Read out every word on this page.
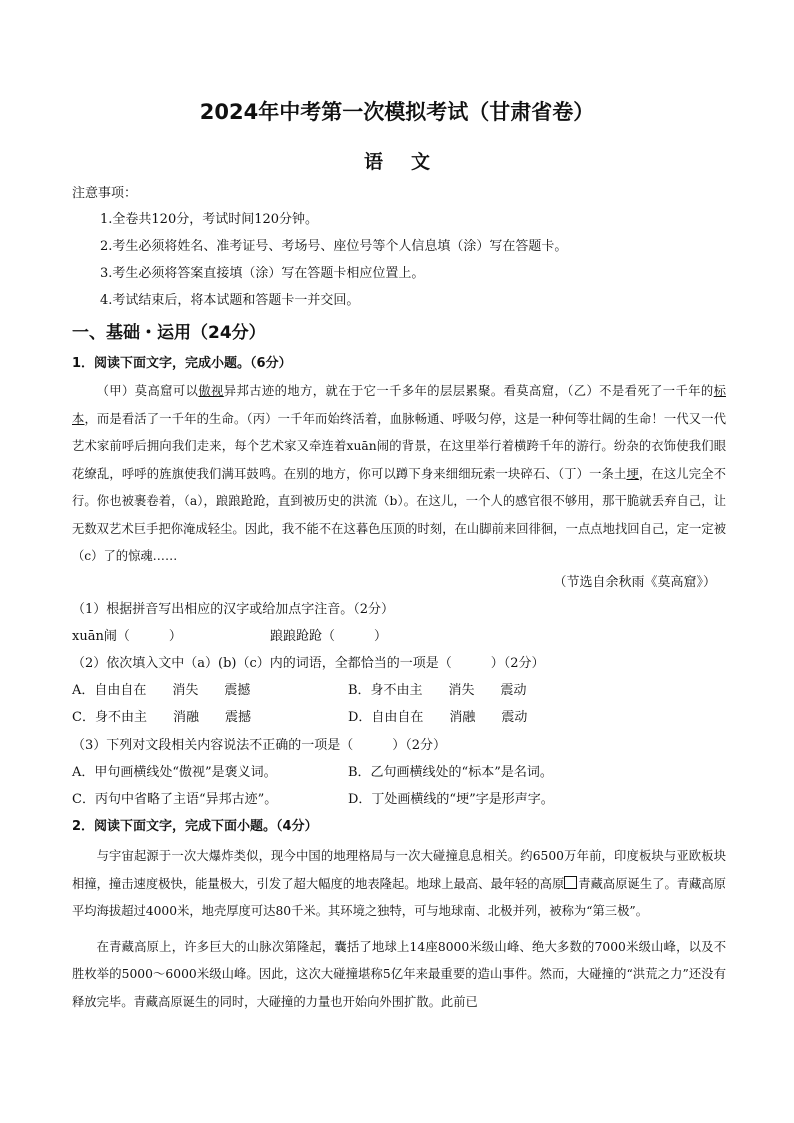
2024年中考第一次模拟考试（甘肃省卷）
语文
注意事项：
1.全卷共120分，考试时间120分钟。
2.考生必须将姓名、准考证号、考场号、座位号等个人信息填（涂）写在答题卡。
3.考生必须将答案直接填（涂）写在答题卡相应位置上。
4.考试结束后，将本试题和答题卡一并交回。
一、基础・运用（24分）
1．阅读下面文字，完成小题。（6分）

（甲）莫高窟可以傲视异邦古迹的地方，就在于它一千多年的层层累聚。看莫高窟，（乙）不是看死了一千年的标本，而是看活了一千年的生命。（丙）一千年而始终活着，血脉畅通、呼吸匀停，这是一种何等壮阔的生命！一代又一代艺术家前呼后拥向我们走来，每个艺术家又牵连着xuān闹的背景，在这里举行着横跨千年的游行。纷杂的衣饰使我们眼花缭乱，呼呼的旌旗使我们满耳鼓鸣。在别的地方，你可以蹲下身来细细玩索一块碎石、（丁）一条土埂，在这儿完全不行。你也被裹卷着，（a），踉踉跄跄，直到被历史的洪流（b）。在这儿，一个人的感官很不够用，那干脆就丢弃自己，让无数双艺术巨手把你淹成轻尘。因此，我不能不在这暮色压顶的时刻，在山脚前来回徘徊，一点点地找回自己，定一定被（c）了的惊魂……

（节选自余秋雨《莫高窟》）
（1）根据拼音写出相应的汉字或给加点字注音。（2分）
xuān闹（　　　）	踉踉跄跄（　　　）
（2）依次填入文中（a）(b)（c）内的词语，全都恰当的一项是（　　　）（2分）
A．自由自在　　消失　　震撼	B．身不由主　　消失　　震动
C．身不由主　　消融　　震撼	D．自由自在　　消融　　震动
（3）下列对文段相关内容说法不正确的一项是（　　　）（2分）
A．甲句画横线处“傲视”是褒义词。	B．乙句画横线处的“标本”是名词。
C．丙句中省略了主语“异邦古迹”。	D．丁处画横线的“埂”字是形声字。
2．阅读下面文字，完成下面小题。（4分）

与宇宙起源于一次大爆炸类似，现今中国的地理格局与一次大碰撞息息相关。约6500万年前，印度板块与亚欧板块相撞，撞击速度极快，能量极大，引发了超大幅度的地表隆起。地球上最高、最年轻的高原 青藏高原诞生了。青藏高原平均海拔超过4000米，地壳厚度可达80千米。其环境之独特，可与地球南、北极并列，被称为“第三极”。

在青藏高原上，许多巨大的山脉次第隆起，囊括了地球上14座8000米级山峰、绝大多数的7000米级山峰，以及不胜枚举的5000～6000米级山峰。因此，这次大碰撞堪称5亿年来最重要的造山事件。然而，大碰撞的“洪荒之力”还没有释放完毕。青藏高原诞生的同时，大碰撞的力量也开始向外围扩散。此前已
